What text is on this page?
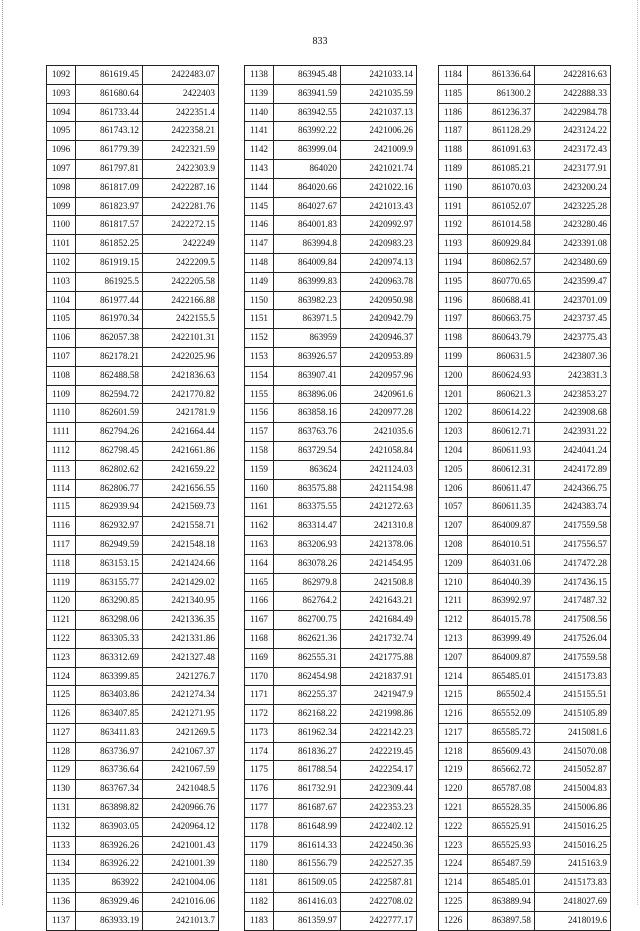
833
1092	861619.45	2422483.07
1093	861680.64	2422403
1094	861733.44	2422351.4
1095	861743.12	2422358.21
1096	861779.39	2422321.59
1097	861797.81	2422303.9
1098	861817.09	2422287.16
1099	861823.97	2422281.76
1100	861817.57	2422272.15
1101	861852.25	2422249
1102	861919.15	2422209.5
1103	861925.5	2422205.58
1104	861977.44	2422166.88
1105	861970.34	2422155.5
1106	862057.38	2422101.31
1107	862178.21	2422025.96
1108	862488.58	2421836.63
1109	862594.72	2421770.82
1110	862601.59	2421781.9
1111	862794.26	2421664.44
1112	862798.45	2421661.86
1113	862802.62	2421659.22
1114	862806.77	2421656.55
1115	862939.94	2421569.73
1116	862932.97	2421558.71
1117	862949.59	2421548.18
1118	863153.15	2421424.66
1119	863155.77	2421429.02
1120	863290.85	2421340.95
1121	863298.06	2421336.35
1122	863305.33	2421331.86
1123	863312.69	2421327.48
1124	863399.85	2421276.7
1125	863403.86	2421274.34
1126	863407.85	2421271.95
1127	863411.83	2421269.5
1128	863736.97	2421067.37
1129	863736.64	2421067.59
1130	863767.34	2421048.5
1131	863898.82	2420966.76
1132	863903.05	2420964.12
1133	863926.26	2421001.43
1134	863926.22	2421001.39
1135	863922	2421004.06
1136	863929.46	2421016.06
1137	863933.19	2421013.7
1138	863945.48	2421033.14
1139	863941.59	2421035.59
1140	863942.55	2421037.13
1141	863992.22	2421006.26
1142	863999.04	2421009.9
1143	864020	2421021.74
1144	864020.66	2421022.16
1145	864027.67	2421013.43
1146	864001.83	2420992.97
1147	863994.8	2420983.23
1148	864009.84	2420974.13
1149	863999.83	2420963.78
1150	863982.23	2420950.98
1151	863971.5	2420942.79
1152	863959	2420946.37
1153	863926.57	2420953.89
1154	863907.41	2420957.96
1155	863896.06	2420961.6
1156	863858.16	2420977.28
1157	863763.76	2421035.6
1158	863729.54	2421058.84
1159	863624	2421124.03
1160	863575.88	2421154.98
1161	863375.55	2421272.63
1162	863314.47	2421310.8
1163	863206.93	2421378.06
1164	863078.26	2421454.95
1165	862979.8	2421508.8
1166	862764.2	2421643.21
1167	862700.75	2421684.49
1168	862621.36	2421732.74
1169	862555.31	2421775.88
1170	862454.98	2421837.91
1171	862255.37	2421947.9
1172	862168.22	2421998.86
1173	861962.34	2422142.23
1174	861836.27	2422219.45
1175	861788.54	2422254.17
1176	861732.91	2422309.44
1177	861687.67	2422353.23
1178	861648.99	2422402.12
1179	861614.33	2422450.36
1180	861556.79	2422527.35
1181	861509.05	2422587.81
1182	861416.03	2422708.02
1183	861359.97	2422777.17
1184	861336.64	2422816.63
1185	861300.2	2422888.33
1186	861236.37	2422984.78
1187	861128.29	2423124.22
1188	861091.63	2423172.43
1189	861085.21	2423177.91
1190	861070.03	2423200.24
1191	861052.07	2423225.28
1192	861014.58	2423280.46
1193	860929.84	2423391.08
1194	860862.57	2423480.69
1195	860770.65	2423599.47
1196	860688.41	2423701.09
1197	860663.75	2423737.45
1198	860643.79	2423775.43
1199	860631.5	2423807.36
1200	860624.93	2423831.3
1201	860621.3	2423853.27
1202	860614.22	2423908.68
1203	860612.71	2423931.22
1204	860611.93	2424041.24
1205	860612.31	2424172.89
1206	860611.47	2424366.75
1057	860611.35	2424383.74
1207	864009.87	2417559.58
1208	864010.51	2417556.57
1209	864031.06	2417472.28
1210	864040.39	2417436.15
1211	863992.97	2417487.32
1212	864015.78	2417508.56
1213	863999.49	2417526.04
1207	864009.87	2417559.58
1214	865485.01	2415173.83
1215	865502.4	2415155.51
1216	865552.09	2415105.89
1217	865585.72	2415081.6
1218	865609.43	2415070.08
1219	865662.72	2415052.87
1220	865787.08	2415004.83
1221	865528.35	2415006.86
1222	865525.91	2415016.25
1223	865525.93	2415016.25
1224	865487.59	2415163.9
1214	865485.01	2415173.83
1225	863889.94	2418027.69
1226	863897.58	2418019.6
